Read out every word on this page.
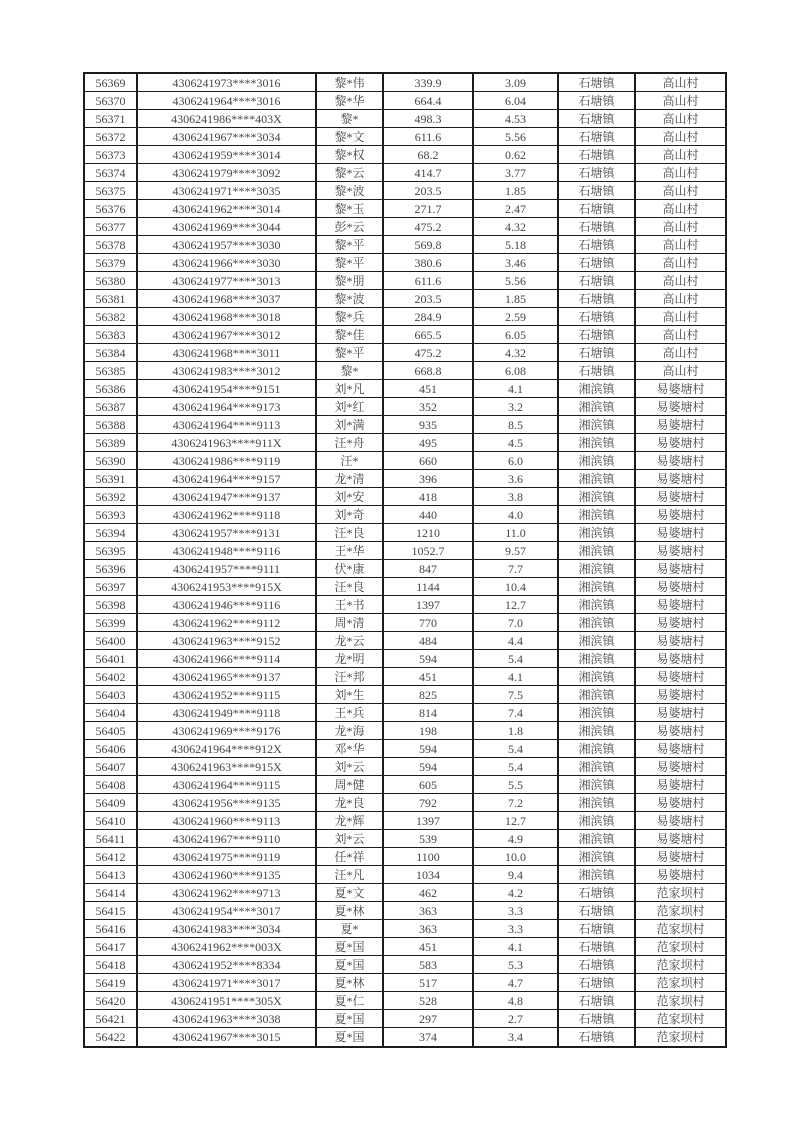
56369	4306241973****3016	黎*伟	339.9	3.09	石塘镇	高山村
56370	4306241964****3016	黎*华	664.4	6.04	石塘镇	高山村
56371	4306241986****403X	黎*	498.3	4.53	石塘镇	高山村
56372	4306241967****3034	黎*文	611.6	5.56	石塘镇	高山村
56373	4306241959****3014	黎*权	68.2	0.62	石塘镇	高山村
56374	4306241979****3092	黎*云	414.7	3.77	石塘镇	高山村
56375	4306241971****3035	黎*波	203.5	1.85	石塘镇	高山村
56376	4306241962****3014	黎*玉	271.7	2.47	石塘镇	高山村
56377	4306241969****3044	彭*云	475.2	4.32	石塘镇	高山村
56378	4306241957****3030	黎*平	569.8	5.18	石塘镇	高山村
56379	4306241966****3030	黎*平	380.6	3.46	石塘镇	高山村
56380	4306241977****3013	黎*朋	611.6	5.56	石塘镇	高山村
56381	4306241968****3037	黎*波	203.5	1.85	石塘镇	高山村
56382	4306241968****3018	黎*兵	284.9	2.59	石塘镇	高山村
56383	4306241967****3012	黎*佳	665.5	6.05	石塘镇	高山村
56384	4306241968****3011	黎*平	475.2	4.32	石塘镇	高山村
56385	4306241983****3012	黎*	668.8	6.08	石塘镇	高山村
56386	4306241954****9151	刘*凡	451	4.1	湘滨镇	易婆塘村
56387	4306241964****9173	刘*红	352	3.2	湘滨镇	易婆塘村
56388	4306241964****9113	刘*满	935	8.5	湘滨镇	易婆塘村
56389	4306241963****911X	汪*舟	495	4.5	湘滨镇	易婆塘村
56390	4306241986****9119	汪*	660	6.0	湘滨镇	易婆塘村
56391	4306241964****9157	龙*清	396	3.6	湘滨镇	易婆塘村
56392	4306241947****9137	刘*安	418	3.8	湘滨镇	易婆塘村
56393	4306241962****9118	刘*奇	440	4.0	湘滨镇	易婆塘村
56394	4306241957****9131	汪*良	1210	11.0	湘滨镇	易婆塘村
56395	4306241948****9116	王*华	1052.7	9.57	湘滨镇	易婆塘村
56396	4306241957****9111	伏*康	847	7.7	湘滨镇	易婆塘村
56397	4306241953****915X	汪*良	1144	10.4	湘滨镇	易婆塘村
56398	4306241946****9116	王*书	1397	12.7	湘滨镇	易婆塘村
56399	4306241962****9112	周*清	770	7.0	湘滨镇	易婆塘村
56400	4306241963****9152	龙*云	484	4.4	湘滨镇	易婆塘村
56401	4306241966****9114	龙*明	594	5.4	湘滨镇	易婆塘村
56402	4306241965****9137	汪*邦	451	4.1	湘滨镇	易婆塘村
56403	4306241952****9115	刘*生	825	7.5	湘滨镇	易婆塘村
56404	4306241949****9118	王*兵	814	7.4	湘滨镇	易婆塘村
56405	4306241969****9176	龙*海	198	1.8	湘滨镇	易婆塘村
56406	4306241964****912X	邓*华	594	5.4	湘滨镇	易婆塘村
56407	4306241963****915X	刘*云	594	5.4	湘滨镇	易婆塘村
56408	4306241964****9115	周*健	605	5.5	湘滨镇	易婆塘村
56409	4306241956****9135	龙*良	792	7.2	湘滨镇	易婆塘村
56410	4306241960****9113	龙*辉	1397	12.7	湘滨镇	易婆塘村
56411	4306241967****9110	刘*云	539	4.9	湘滨镇	易婆塘村
56412	4306241975****9119	任*祥	1100	10.0	湘滨镇	易婆塘村
56413	4306241960****9135	汪*凡	1034	9.4	湘滨镇	易婆塘村
56414	4306241962****9713	夏*文	462	4.2	石塘镇	范家坝村
56415	4306241954****3017	夏*林	363	3.3	石塘镇	范家坝村
56416	4306241983****3034	夏*	363	3.3	石塘镇	范家坝村
56417	4306241962****003X	夏*国	451	4.1	石塘镇	范家坝村
56418	4306241952****8334	夏*国	583	5.3	石塘镇	范家坝村
56419	4306241971****3017	夏*林	517	4.7	石塘镇	范家坝村
56420	4306241951****305X	夏*仁	528	4.8	石塘镇	范家坝村
56421	4306241963****3038	夏*国	297	2.7	石塘镇	范家坝村
56422	4306241967****3015	夏*国	374	3.4	石塘镇	范家坝村
